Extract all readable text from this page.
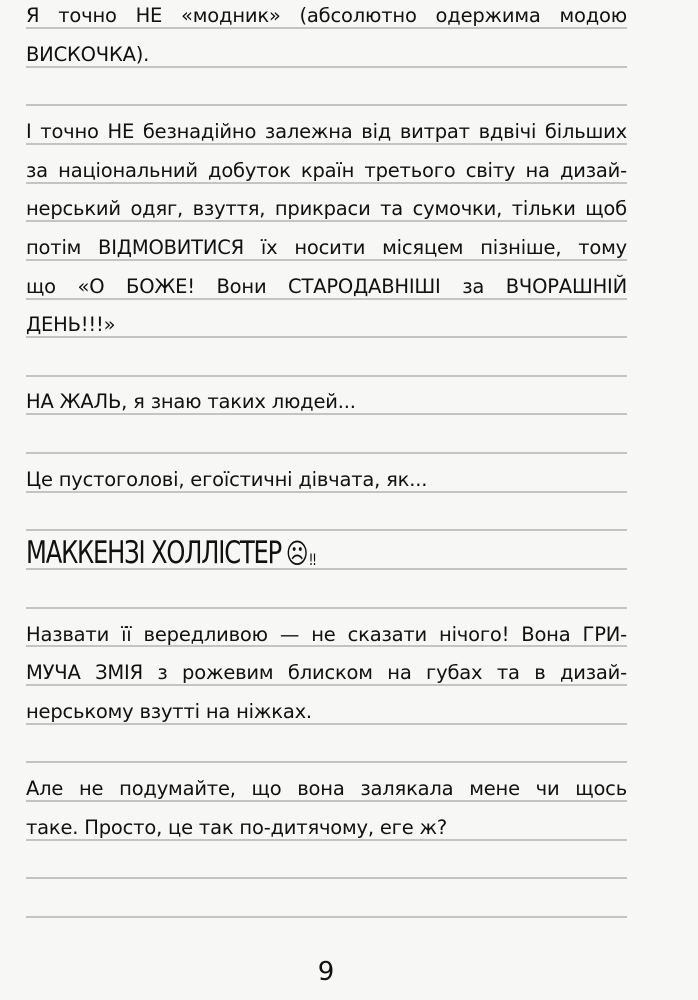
Я точно НЕ «модник» (абсолютно одержима модою
ВИСКОЧКА).
І точно НЕ безнадійно залежна від витрат вдвічі більших
за національний добуток країн третього світу на дизай-
нерський одяг, взуття, прикраси та сумочки, тільки щоб
потім ВІДМОВИТИСЯ їх носити місяцем пізніше, тому
що «О БОЖЕ! Вони СТАРОДАВНІШІ за ВЧОРАШНІЙ
ДЕНЬ!!!»
НА ЖАЛЬ, я знаю таких людей...
Це пустоголові, егоїстичні дівчата, як...
МАККЕНЗІ ХОЛЛІСТЕР ☹!!
Назвати її вередливою — не сказати нічого! Вона ГРИ-
МУЧА ЗМІЯ з рожевим блиском на губах та в дизай-
нерському взутті на ніжках.
Але не подумайте, що вона залякала мене чи щось
таке. Просто, це так по-дитячому, еге ж?
9
